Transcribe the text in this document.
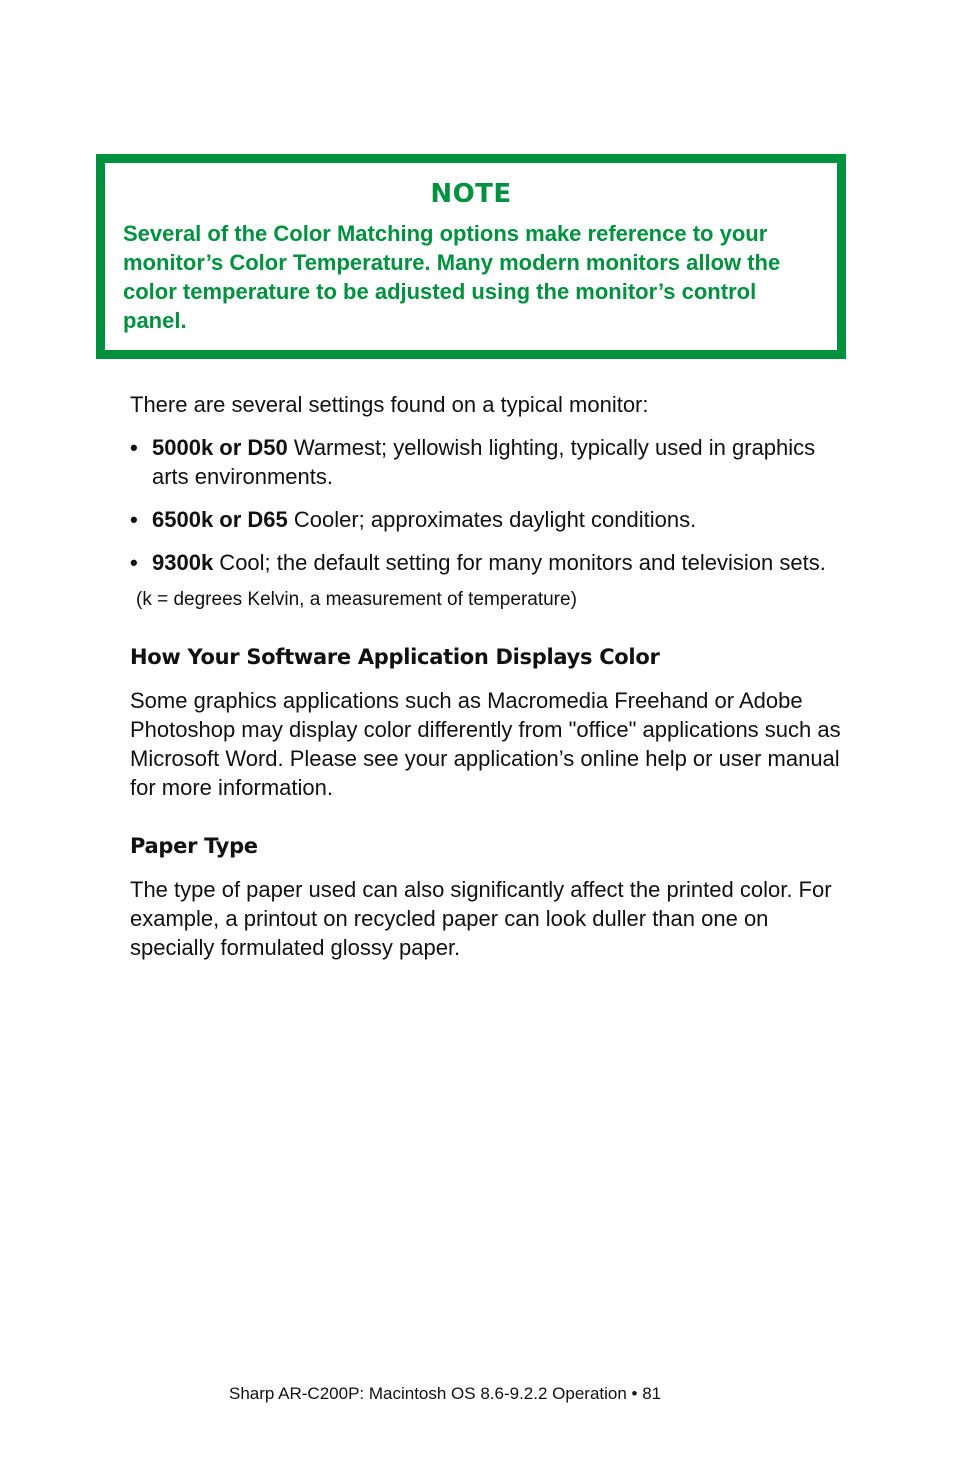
NOTE

Several of the Color Matching options make reference to your monitor’s Color Temperature. Many modern monitors allow the color temperature to be adjusted using the monitor’s control panel.

There are several settings found on a typical monitor:

• 5000k or D50 Warmest; yellowish lighting, typically used in graphics arts environments.
• 6500k or D65 Cooler; approximates daylight conditions.
• 9300k Cool; the default setting for many monitors and television sets.

(k = degrees Kelvin, a measurement of temperature)

How Your Software Application Displays Color

Some graphics applications such as Macromedia Freehand or Adobe Photoshop may display color differently from "office" applications such as Microsoft Word. Please see your application’s online help or user manual for more information.

Paper Type

The type of paper used can also significantly affect the printed color. For example, a printout on recycled paper can look duller than one on specially formulated glossy paper.

Sharp AR-C200P: Macintosh OS 8.6-9.2.2 Operation • 81
